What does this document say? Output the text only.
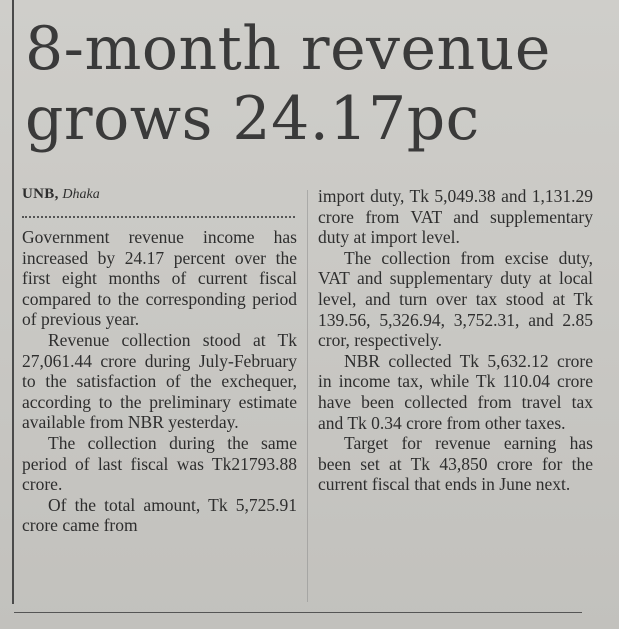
8-month revenue
grows 24.17pc

UNB, Dhaka

Government revenue income has increased by 24.17 percent over the first eight months of current fiscal compared to the corresponding period of previous year.

Revenue collection stood at Tk 27,061.44 crore during July-February to the satisfaction of the exchequer, according to the preliminary estimate available from NBR yesterday.

The collection during the same period of last fiscal was Tk21793.88 crore.

Of the total amount, Tk 5,725.91 crore came from

import duty, Tk 5,049.38 and 1,131.29 crore from VAT and supplementary duty at import level.

The collection from excise duty, VAT and supplementary duty at local level, and turn over tax stood at Tk 139.56, 5,326.94, 3,752.31, and 2.85 cror, respectively.

NBR collected Tk 5,632.12 crore in income tax, while Tk 110.04 crore have been collected from travel tax and Tk 0.34 crore from other taxes.

Target for revenue earning has been set at Tk 43,850 crore for the current fiscal that ends in June next.
